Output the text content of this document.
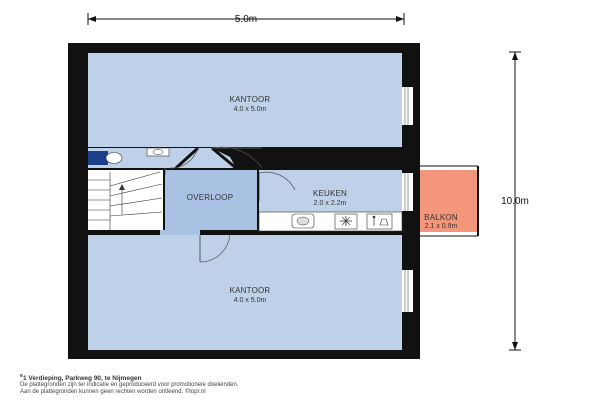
5.0m
10.0m
KANTOOR
4.0 x 5.0m
OVERLOOP	KEUKEN
2.0 x 2.2m
BALKON
2.1 x 0.9m
KANTOOR
4.0 x 5.0m
$^e$1 Verdieping, Parkweg 90, te Nijmegen
De plattegronden zijn ter indicatie en geproduceerd voor promotionele doeleinden.
Aan de plattegronden kunnen geen rechten worden ontleend. ©topr.nl
